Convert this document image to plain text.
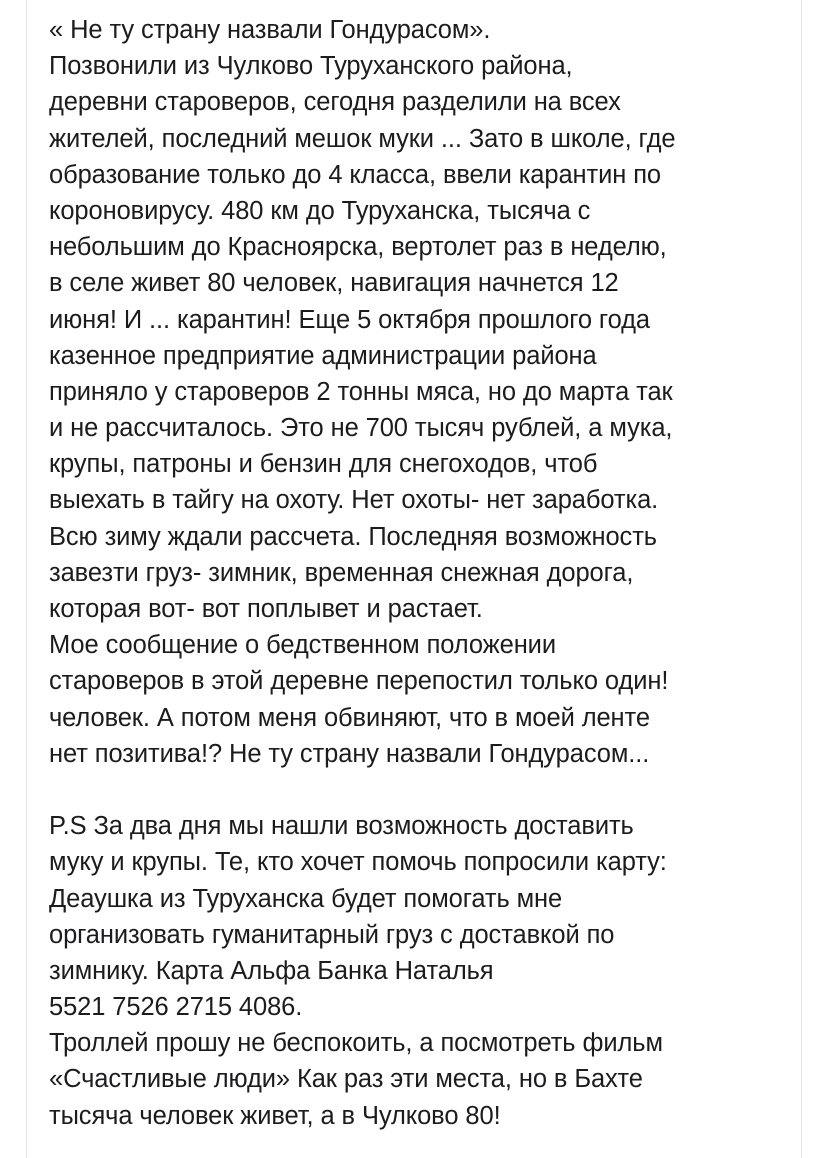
« Не ту страну назвали Гондурасом».
Позвонили из Чулково Туруханского района,
деревни староверов, сегодня разделили на всех
жителей, последний мешок муки ... Зато в школе, где
образование только до 4 класса, ввели карантин по
короновирусу. 480 км до Туруханска, тысяча с
небольшим до Красноярска, вертолет раз в неделю,
в селе живет 80 человек, навигация начнется 12
июня! И ... карантин! Еще 5 октября прошлого года
казенное предприятие администрации района
приняло у староверов 2 тонны мяса, но до марта так
и не рассчиталось. Это не 700 тысяч рублей, а мука,
крупы, патроны и бензин для снегоходов, чтоб
выехать в тайгу на охоту. Нет охоты- нет заработка.
Всю зиму ждали рассчета. Последняя возможность
завезти груз- зимник, временная снежная дорога,
которая вот- вот поплывет и растает.
Мое сообщение о бедственном положении
староверов в этой деревне перепостил только один!
человек. А потом меня обвиняют, что в моей ленте
нет позитива!? Не ту страну назвали Гондурасом...
P.S За два дня мы нашли возможность доставить
муку и крупы. Те, кто хочет помочь попросили карту:
Деаушка из Туруханска будет помогать мне
организовать гуманитарный груз с доставкой по
зимнику. Карта Альфа Банка Наталья
5521 7526 2715 4086.
Троллей прошу не беспокоить, а посмотреть фильм
«Счастливые люди» Как раз эти места, но в Бахте
тысяча человек живет, а в Чулково 80!
